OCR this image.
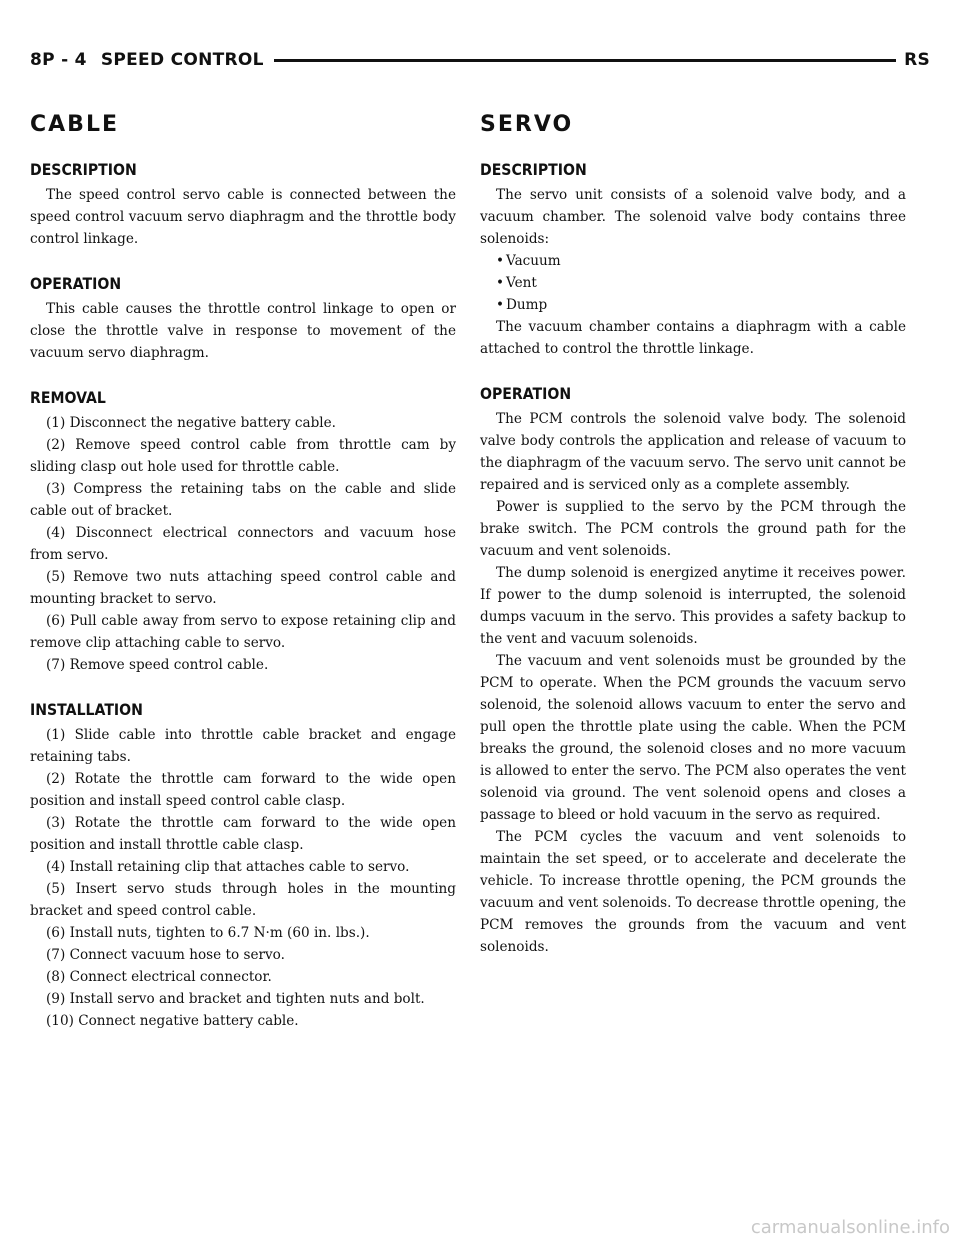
8P - 4 SPEED CONTROL	RS
CABLE
DESCRIPTION

The speed control servo cable is connected between the speed control vacuum servo diaphragm and the throttle body control linkage.

OPERATION

This cable causes the throttle control linkage to open or close the throttle valve in response to movement of the vacuum servo diaphragm.

REMOVAL

(1) Disconnect the negative battery cable.

(2) Remove speed control cable from throttle cam by sliding clasp out hole used for throttle cable.

(3) Compress the retaining tabs on the cable and slide cable out of bracket.

(4) Disconnect electrical connectors and vacuum hose from servo.

(5) Remove two nuts attaching speed control cable and mounting bracket to servo.

(6) Pull cable away from servo to expose retaining clip and remove clip attaching cable to servo.

(7) Remove speed control cable.

INSTALLATION

(1) Slide cable into throttle cable bracket and engage retaining tabs.

(2) Rotate the throttle cam forward to the wide open position and install speed control cable clasp.

(3) Rotate the throttle cam forward to the wide open position and install throttle cable clasp.

(4) Install retaining clip that attaches cable to servo.

(5) Insert servo studs through holes in the mounting bracket and speed control cable.

(6) Install nuts, tighten to 6.7 N·m (60 in. lbs.).

(7) Connect vacuum hose to servo.

(8) Connect electrical connector.

(9) Install servo and bracket and tighten nuts and bolt.

(10) Connect negative battery cable.

SERVO
DESCRIPTION

The servo unit consists of a solenoid valve body, and a vacuum chamber. The solenoid valve body contains three solenoids:

• Vacuum
• Vent
• Dump

The vacuum chamber contains a diaphragm with a cable attached to control the throttle linkage.

OPERATION

The PCM controls the solenoid valve body. The solenoid valve body controls the application and release of vacuum to the diaphragm of the vacuum servo. The servo unit cannot be repaired and is serviced only as a complete assembly.

Power is supplied to the servo by the PCM through the brake switch. The PCM controls the ground path for the vacuum and vent solenoids.

The dump solenoid is energized anytime it receives power. If power to the dump solenoid is interrupted, the solenoid dumps vacuum in the servo. This provides a safety backup to the vent and vacuum solenoids.

The vacuum and vent solenoids must be grounded by the PCM to operate. When the PCM grounds the vacuum servo solenoid, the solenoid allows vacuum to enter the servo and pull open the throttle plate using the cable. When the PCM breaks the ground, the solenoid closes and no more vacuum is allowed to enter the servo. The PCM also operates the vent solenoid via ground. The vent solenoid opens and closes a passage to bleed or hold vacuum in the servo as required.

The PCM cycles the vacuum and vent solenoids to maintain the set speed, or to accelerate and decelerate the vehicle. To increase throttle opening, the PCM grounds the vacuum and vent solenoids. To decrease throttle opening, the PCM removes the grounds from the vacuum and vent solenoids.

carmanualsonline.info
